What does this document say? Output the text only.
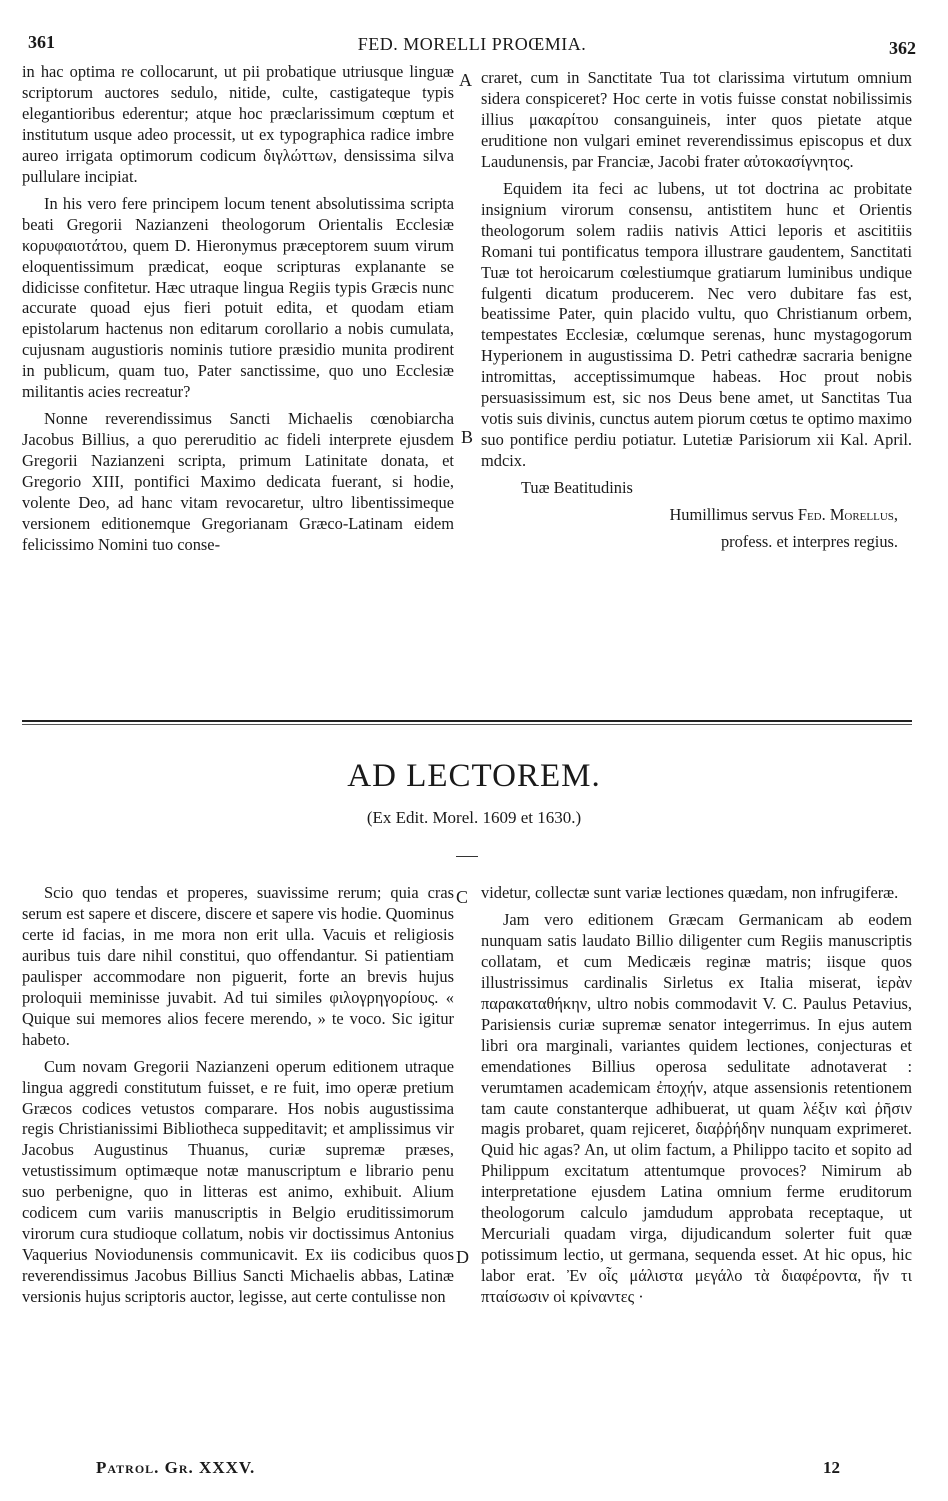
361	FED. MORELLI PROŒMIA.	362

in hac optima re collocarunt, ut pii probatique utriusque linguæ scriptorum auctores sedulo, nitide, culte, castigateque typis elegantioribus ederentur; atque hoc præclarissimum cœptum et institutum usque adeo processit, ut ex typographica radice imbre aureo irrigata optimorum codicum διγλώττων, densissima silva pullulare incipiat.

In his vero fere principem locum tenent absolutissima scripta beati Gregorii Nazianzeni theologorum Orientalis Ecclesiæ κορυφαιοτάτου, quem D. Hieronymus præceptorem suum virum eloquentissimum prædicat, eoque scripturas explanante se didicisse confitetur. Hæc utraque lingua Regiis typis Græcis nunc accurate quoad ejus fieri potuit edita, et quodam etiam epistolarum hactenus non editarum corollario a nobis cumulata, cujusnam augustioris nominis tutiore præsidio munita prodirent in publicum, quam tuo, Pater sanctissime, quo uno Ecclesiæ militantis acies recreatur?

Nonne reverendissimus Sancti Michaelis cœnobiarcha Jacobus Billius, a quo pereruditio ac fideli interprete ejusdem Gregorii Nazianzeni scripta, primum Latinitate donata, et Gregorio XIII, pontifici Maximo dedicata fuerant, si hodie, volente Deo, ad hanc vitam revocaretur, ultro libentissimeque versionem editionemque Gregorianam Græco-Latinam eidem felicissimo Nomini tuo conse-

A
B

craret, cum in Sanctitate Tua tot clarissima virtutum omnium sidera conspiceret? Hoc certe in votis fuisse constat nobilissimis illius μακαρίτου consanguineis, inter quos pietate atque eruditione non vulgari eminet reverendissimus episcopus et dux Laudunensis, par Franciæ, Jacobi frater αὐτοκασίγνητος.

Equidem ita feci ac lubens, ut tot doctrina ac probitate insignium virorum consensu, antistitem hunc et Orientis theologorum solem radiis nativis Attici leporis et ascititiis Romani tui pontificatus tempora illustrare gaudentem, Sanctitati Tuæ tot heroicarum cœlestiumque gratiarum luminibus undique fulgenti dicatum producerem. Nec vero dubitare fas est, beatissime Pater, quin placido vultu, quo Christianum orbem, tempestates Ecclesiæ, cœlumque serenas, hunc mystagogorum Hyperionem in augustissima D. Petri cathedræ sacraria benigne intromittas, acceptissimumque habeas. Hoc prout nobis persuasissimum est, sic nos Deus bene amet, ut Sanctitas Tua votis suis divinis, cunctus autem piorum cœtus te optimo maximo suo pontifice perdiu potiatur. Lutetiæ Parisiorum xii Kal. April. mdcix.

Tuæ Beatitudinis

Humillimus servus Fed. Morellus,

profess. et interpres regius.

AD LECTOREM.
(Ex Edit. Morel. 1609 et 1630.)

Scio quo tendas et properes, suavissime rerum; quia cras serum est sapere et discere, discere et sapere vis hodie. Quominus certe id facias, in me mora non erit ulla. Vacuis et religiosis auribus tuis dare nihil constitui, quo offendantur. Si patientiam paulisper accommodare non piguerit, forte an brevis hujus proloquii meminisse juvabit. Ad tui similes φιλογρηγορίους. « Quique sui memores alios fecere merendo, » te voco. Sic igitur habeto.

Cum novam Gregorii Nazianzeni operum editionem utraque lingua aggredi constitutum fuisset, e re fuit, imo operæ pretium Græcos codices vetustos comparare. Hos nobis augustissima regis Christianissimi Bibliotheca suppeditavit; et amplissimus vir Jacobus Augustinus Thuanus, curiæ supremæ præses, vetustissimum optimæque notæ manuscriptum e librario penu suo perbenigne, quo in litteras est animo, exhibuit. Alium codicem cum variis manuscriptis in Belgio eruditissimorum virorum cura studioque collatum, nobis vir doctissimus Antonius Vaquerius Noviodunensis communicavit. Ex iis codicibus quos reverendissimus Jacobus Billius Sancti Michaelis abbas, Latinæ versionis hujus scriptoris auctor, legisse, aut certe contulisse non

C
D

videtur, collectæ sunt variæ lectiones quædam, non infrugiferæ.

Jam vero editionem Græcam Germanicam ab eodem nunquam satis laudato Billio diligenter cum Regiis manuscriptis collatam, et cum Medicæis reginæ matris; iisque quos illustrissimus cardinalis Sirletus ex Italia miserat, ἱερὰν παρακαταθήκην, ultro nobis commodavit V. C. Paulus Petavius, Parisiensis curiæ supremæ senator integerrimus. In ejus autem libri ora marginali, variantes quidem lectiones, conjecturas et emendationes Billius operosa sedulitate adnotaverat : verumtamen academicam ἐποχήν, atque assensionis retentionem tam caute constanterque adhibuerat, ut quam λέξιν καὶ ῥῆσιν magis probaret, quam rejiceret, διαῤῥήδην nunquam exprimeret. Quid hic agas? An, ut olim factum, a Philippo tacito et sopito ad Philippum excitatum attentumque provoces? Nimirum ab interpretatione ejusdem Latina omnium ferme eruditorum theologorum calculo jamdudum approbata receptaque, ut Mercuriali quadam virga, dijudicandum solerter fuit quæ potissimum lectio, ut germana, sequenda esset. At hic opus, hic labor erat. Ἐν οἷς μάλιστα μεγάλο τὰ διαφέροντα, ἥν τι πταίσωσιν οἱ κρίναντες ·

Patrol. Gr. XXXV.	12
